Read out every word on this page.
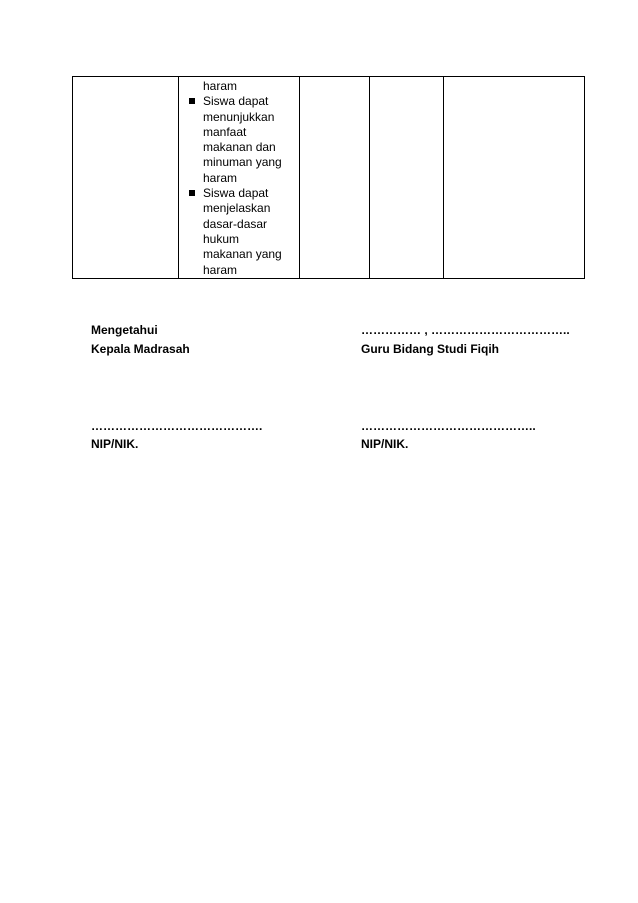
haram
Siswa dapat
menunjukkan
manfaat
makanan dan
minuman yang
haram
Siswa dapat
menjelaskan
dasar-dasar
hukum
makanan yang
haram

Mengetahui
Kepala Madrasah
…………………………………….
NIP/NIK.
…………… , ……………………………..
Guru Bidang Studi Fiqih
……………………………………..
NIP/NIK.
